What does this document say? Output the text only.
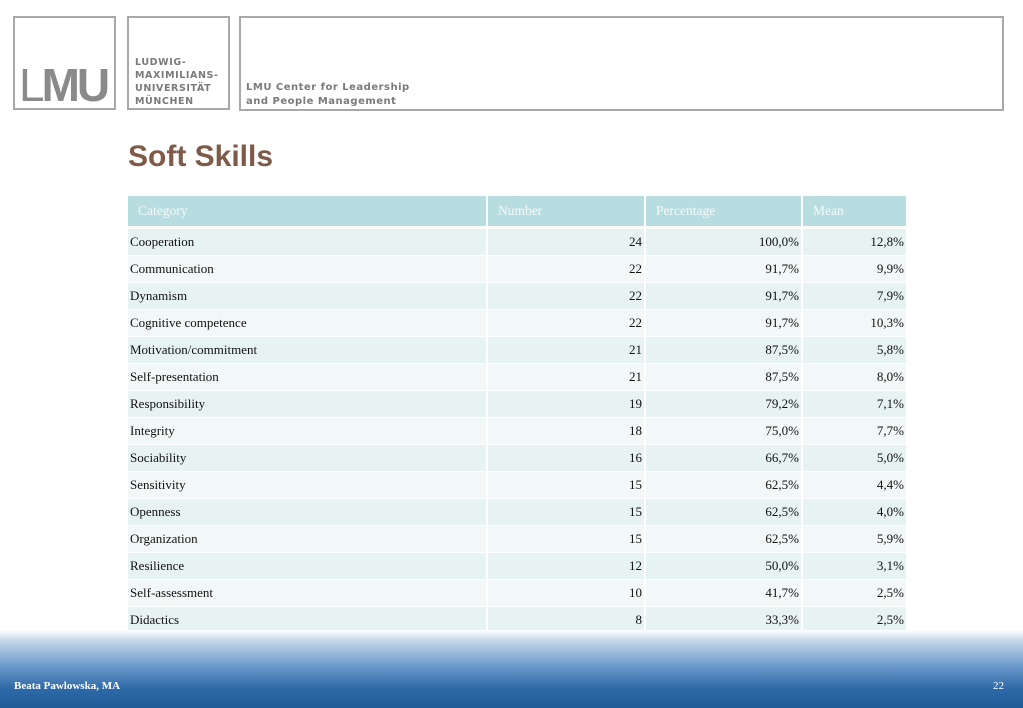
LMU	LUDWIG-
MAXIMILIANS-
UNIVERSITÄT
MÜNCHEN
LMU Center for Leadership
and People Management
Soft Skills
Category	Number	Percentage	Mean
Cooperation	24	100,0%	12,8%
Communication	22	91,7%	9,9%
Dynamism	22	91,7%	7,9%
Cognitive competence	22	91,7%	10,3%
Motivation/commitment	21	87,5%	5,8%
Self-presentation	21	87,5%	8,0%
Responsibility	19	79,2%	7,1%
Integrity	18	75,0%	7,7%
Sociability	16	66,7%	5,0%
Sensitivity	15	62,5%	4,4%
Openness	15	62,5%	4,0%
Organization	15	62,5%	5,9%
Resilience	12	50,0%	3,1%
Self-assessment	10	41,7%	2,5%
Didactics	8	33,3%	2,5%

Beata Pawlowska, MA	22
